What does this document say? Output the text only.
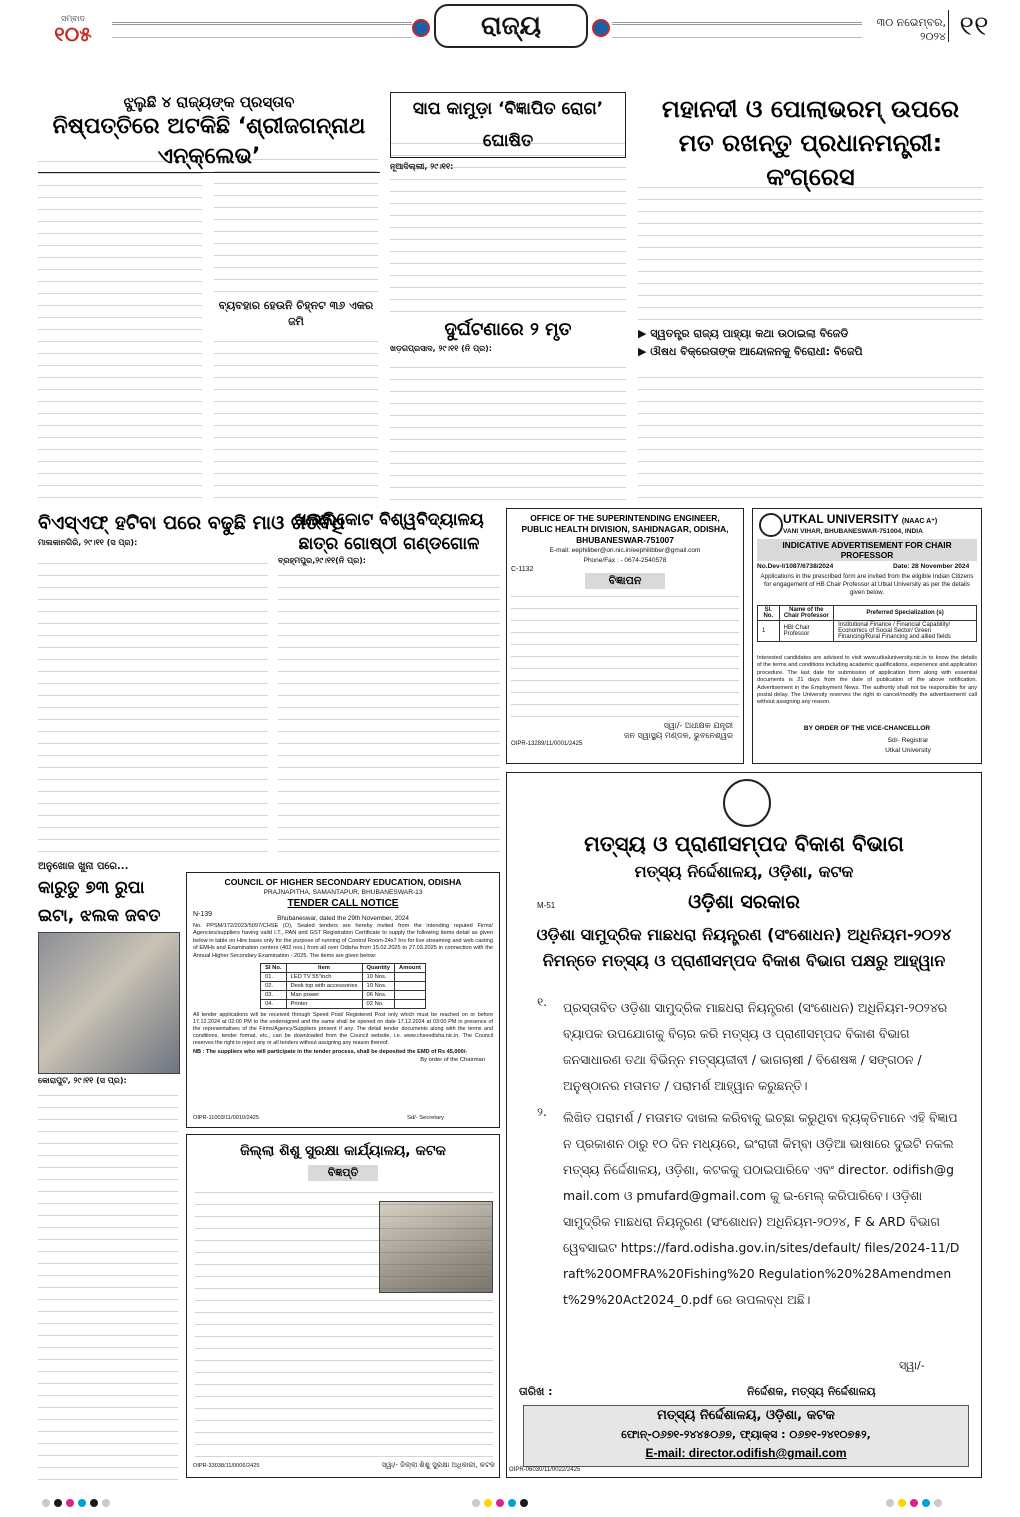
ସମ୍ବାଦ
୧୦୫	ରାଜ୍ୟ	୩୦ ନଭେମ୍ବର, ୨୦୨୪ ୧୧
ଝୁଲୁଛି ୪ ରାଜ୍ୟଙ୍କ ପ୍ରସ୍ତାବ
ନିଷ୍ପତ୍ତିରେ ଅଟକିଛି ‘ଶ୍ରୀଜଗନ୍ନାଥ ଏନ୍‌କ୍ଲେଭ’
ବ୍ୟବହାର ହେଉନି ଚିହ୍ନଟ ୩୬ ଏକର ଜମି
ସାପ କାମୁଡ଼ା ‘ବିଜ୍ଞାପିତ ରୋଗ’ ଘୋଷିତ
ନୂଆଦିଲ୍ଲୀ, ୨୯।୧୧:
ଦୁର୍ଘଟଣାରେ ୨ ମୃତ
ଖଡ଼ଗପ୍ରସାଦ, ୨୯।୧୧ (ନି ପ୍ର):
ମହାନଦୀ ଓ ପୋଲାଭରମ୍ ଉପରେ
ମତ ରଖନ୍ତୁ ପ୍ରଧାନମନ୍ତ୍ରୀ: କଂଗ୍ରେସ
▶ ସ୍ୱତନ୍ତ୍ର ରାଜ୍ୟ ପାହ୍ୟା କଥା ଉଠାଇଲା ବିଜେଡି
▶ ଔଷଧ ବିକ୍ରେତାଙ୍କ ଆନ୍ଦୋଳନକୁ ବିରୋଧୀ: ବିଜେପି
ବିଏସ୍‌ଏଫ୍ ହଟିବା ପରେ ବଢୁଛି ମାଓ ଗତିବିଧି
ମାଲକାନଗିରି, ୨୯।୧୧ (ସ ପ୍ର):
ଖଲ୍ଲିକୋଟ ବିଶ୍ୱବିଦ୍ୟାଳୟ
ଛାତ୍ର ଗୋଷ୍ଠୀ ଗଣ୍ଡଗୋଳ
ବ୍ରହ୍ମପୁର,୨୯।୧୧(ନି ପ୍ର):
OFFICE OF THE SUPERINTENDING ENGINEER,
PUBLIC HEALTH DIVISION, SAHIDNAGAR, ODISHA,
BHUBANESWAR-751007
E-mail: eephiliber@ori.nic.in/eephilibber@gmail.com
Phone/Fax : - 0674-2540578
C-1132
ବିଜ୍ଞାପନ
ସ୍ୱା/- ଅଧୀକ୍ଷକ ଯନ୍ତ୍ରୀ
ଜନ ସ୍ୱାସ୍ଥ୍ୟ ମଣ୍ଡଳ, ଭୁବନେଶ୍ୱର
OIPR-13289/11/0001/2425
UTKAL UNIVERSITY (NAAC A⁺)
VANI VIHAR, BHUBANESWAR-751004, INDIA
INDICATIVE ADVERTISEMENT FOR CHAIR PROFESSOR
No.Dev-I/1087/6738/2024	Date: 28 November 2024
Applications in the prescribed form are invited from the eligible Indian Citizens for engagement of HB Chair Professor at Utkal University as per the details given below.
Sl. No.	Name of the Chair Professor	Preferred Specialization (s)
1	HBI Chair Professor	Institutional Finance / Financial Capability/ Economics of Social Sector/ Green Financing/Rural Financing and allied fields
Interested candidates are advised to visit www.utkaluniversity.nic.in to know the details of the terms and conditions including academic qualifications, experience and application procedure. The last date for submission of application form along with essential documents is 21 days from the date of publication of the above notification. Advertisement in the Employment News. The authority shall not be responsible for any postal delay. The University reserves the right to cancel/modify the advertisement/ call without assigning any reason.
BY ORDER OF THE VICE-CHANCELLOR
Sd/- Registrar
Utkal University
ମତ୍ସ୍ୟ ଓ ପ୍ରାଣୀସମ୍ପଦ ବିକାଶ ବିଭାଗ
ମତ୍ସ୍ୟ ନିର୍ଦ୍ଦେଶାଳୟ, ଓଡ଼ିଶା, କଟକ
M-51	ଓଡ଼ିଶା ସରକାର
ଓଡ଼ିଶା ସାମୁଦ୍ରିକ ମାଛଧରା ନିୟନ୍ତ୍ରଣ (ସଂଶୋଧନ) ଅଧିନିୟମ-୨୦୨୪
ନିମନ୍ତେ ମତ୍ସ୍ୟ ଓ ପ୍ରାଣୀସମ୍ପଦ ବିକାଶ ବିଭାଗ ପକ୍ଷରୁ ଆହ୍ୱାନ
୧. ପ୍ରସ୍ତାବିତ ଓଡ଼ିଶା ସାମୁଦ୍ରିକ ମାଛଧରା ନିୟନ୍ତ୍ରଣ (ସଂଶୋଧନ) ଅଧିନିୟମ-୨୦୨୪ର ବ୍ୟାପକ ଉପଯୋଗକୁ ବିଚାର କରି ମତ୍ସ୍ୟ ଓ ପ୍ରାଣୀସମ୍ପଦ ବିକାଶ ବିଭାଗ ଜନସାଧାରଣ ତଥା ବିଭିନ୍ନ ମତ୍ସ୍ୟଜୀବୀ / ଭାଗଚାଷୀ / ବିଶେଷଜ୍ଞ / ସଙ୍ଗଠନ / ଅନୁଷ୍ଠାନର ମତାମତ / ପରାମର୍ଶ ଆହ୍ୱାନ କରୁଛନ୍ତି।
୨. ଲିଖିତ ପରାମର୍ଶ / ମତାମତ ଦାଖଲ କରିବାକୁ ଇଚ୍ଛା କରୁଥିବା ବ୍ୟକ୍ତିମାନେ ଏହି ବିଜ୍ଞାପନ ପ୍ରକାଶନ ଠାରୁ ୧୦ ଦିନ ମଧ୍ୟରେ, ଇଂରାଜୀ କିମ୍ବା ଓଡ଼ିଆ ଭାଷାରେ ଦୁଇଟି ନକଲ ମତ୍ସ୍ୟ ନିର୍ଦ୍ଦେଶାଳୟ, ଓଡ଼ିଶା, କଟକକୁ ପଠାଇପାରିବେ ଏବଂ director. odifish@gmail.com ଓ pmufard@gmail.com କୁ ଇ-ମେଲ୍ କରିପାରିବେ। ଓଡ଼ିଶା ସାମୁଦ୍ରିକ ମାଛଧରା ନିୟନ୍ତ୍ରଣ (ସଂଶୋଧନ) ଅଧିନିୟମ-୨୦୨୪, F & ARD ବିଭାଗ ୱେବସାଇଟ https://fard.odisha.gov.in/sites/default/ files/2024-11/Draft%20OMFRA%20Fishing%20 Regulation%20%28Amendment%29%20Act2024_0.pdf ରେ ଉପଲବ୍ଧ ଅଛି।
ସ୍ୱା/-
ତାରିଖ :	ନିର୍ଦ୍ଦେଶକ, ମତ୍ସ୍ୟ ନିର୍ଦ୍ଦେଶାଳୟ
ମତ୍ସ୍ୟ ନିର୍ଦ୍ଦେଶାଳୟ, ଓଡ଼ିଶା, କଟକ
ଫୋନ୍-୦୬୭୧-୨୪୪୫୦୬୭, ଫ୍ୟାକ୍ସ : ୦୬୭୧-୨୪୧୦୭୫୨,
E-mail: director.odifish@gmail.com
OIPR-06030/11/0022/2425
ଅନୁଖୋଜ ଖୁନା ପରେ...
କାରୁତୁ ୭୩ ରୁପା ଇଟା, ଝଲକ ଜବତ
କୋରାପୁଟ, ୨୯।୧୧ (ସ ପ୍ର):
COUNCIL OF HIGHER SECONDARY EDUCATION, ODISHA
PRAJNAPITHA, SAMANTAPUR, BHUBANESWAR-13
TENDER CALL NOTICE
N-139
Bhubaneswar, dated the 29th November, 2024
No. PPSM/172/2023/5097/CHSE (O), Sealed tenders are hereby invited from the intending reputed Firms/ Agencies/suppliers having valid I.T., PAN and GST Registration Certificate to supply the following items detail as given below in table on Hire basis only for the purpose of running of Control Room-24x7 hrs for live streaming and web casting of EMHs and Examination centers (402 nos.) from all over Odisha from 15.02.2025 to 27.03.2025 in connection with the Annual Higher Secondary Examination - 2025. The items are given below:
Sl No.	Item	Quantity	Amount
01.	LED TV 55"inch	10 Nos.	
02.	Desk top with accessories	10 Nos.	
03.	Man power	06 Nos.	
04.	Printer	02 No.	
All tender applications will be received through Speed Post/ Registered Post only which must be reached on or before 17.12.2024 at 02:00 PM to the undersigned and the same shall be opened on date 17.12.2024 at 03:00 PM in presence of the representatives of the Firms/Agency/Suppliers present if any. The detail tender documents along with the terms and conditions, tender format, etc., can be downloaded from the Council website, i.e. www.chseodisha.nic.in. The Council reserves the right to reject any or all tenders without assigning any reason thereof.
NB : The suppliers who will participate in the tender process, shall be deposited the EMD of Rs 45,000/-
By order of the Chairman
OIPR-11003/11/0010/2425	Sd/- Secretary
ଜିଲ୍ଲା ଶିଶୁ ସୁରକ୍ଷା କାର୍ଯ୍ୟାଳୟ, କଟକ
ବିଜ୍ଞପ୍ତି
OIPR-33038/11/0006/2425	ସ୍ୱା/- ଜିଲ୍ଲା ଶିଶୁ ସୁରକ୍ଷା ଅଧିକାରୀ, କଟକ
